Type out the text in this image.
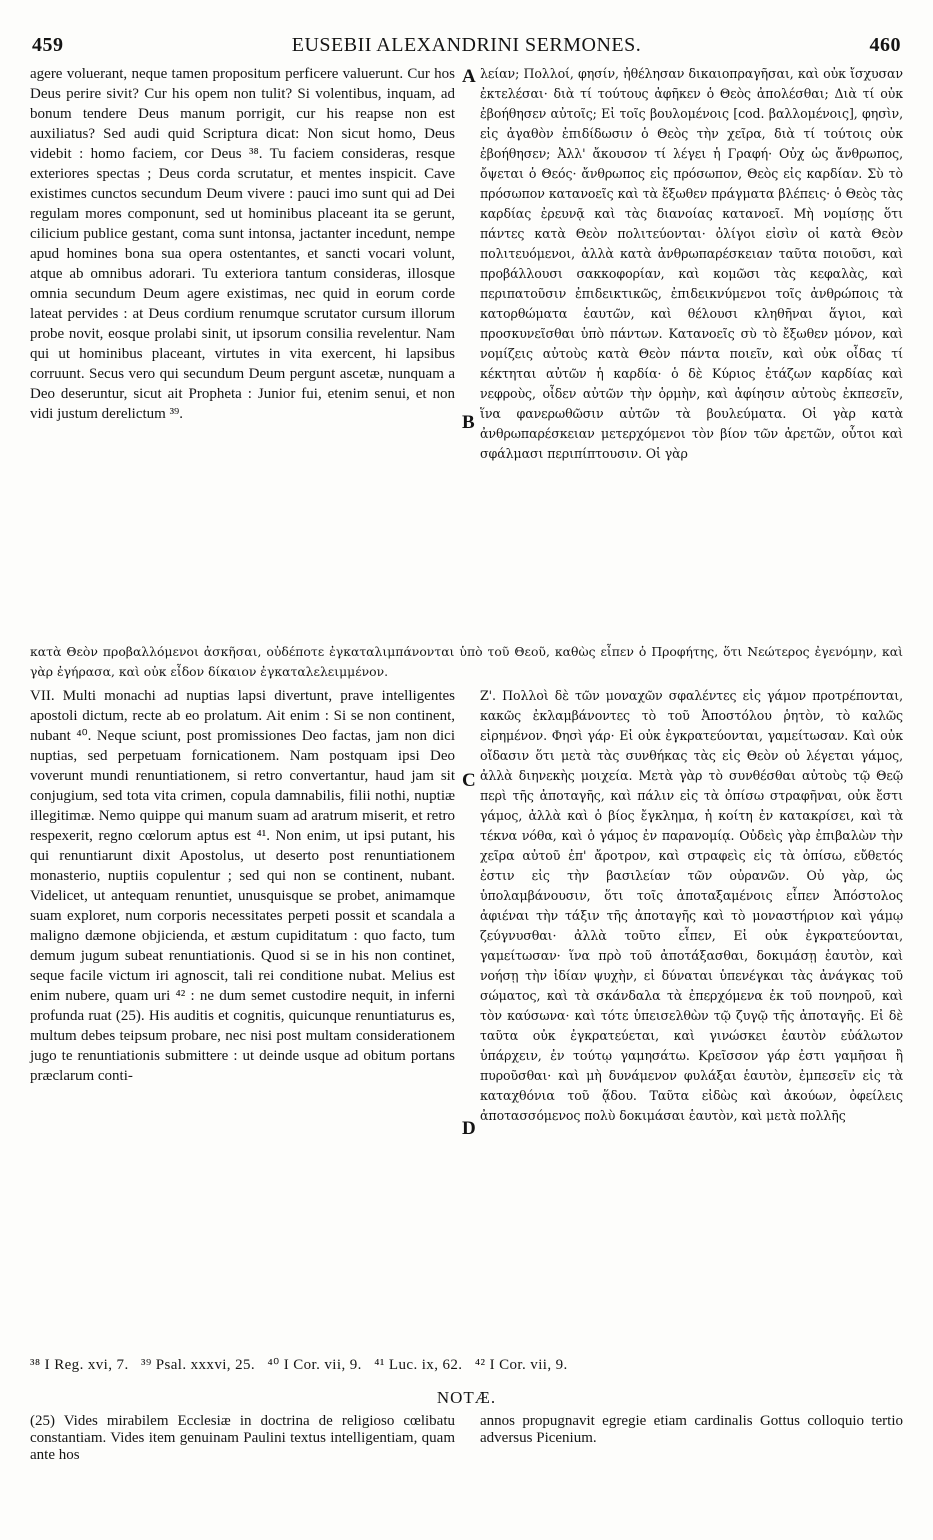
459	EUSEBII ALEXANDRINI SERMONES.	460
A
B
C
D

agere voluerant, neque tamen propositum perficere valuerunt. Cur hos Deus perire sivit? Cur his opem non tulit? Si volentibus, inquam, ad bonum tendere Deus manum porrigit, cur his reapse non est auxiliatus? Sed audi quid Scriptura dicat: Non sicut homo, Deus videbit : homo faciem, cor Deus ³⁸. Tu faciem consideras, resque exteriores spectas ; Deus corda scrutatur, et mentes inspicit. Cave existimes cunctos secundum Deum vivere : pauci imo sunt qui ad Dei regulam mores componunt, sed ut hominibus placeant ita se gerunt, cilicium publice gestant, coma sunt intonsa, jactanter incedunt, nempe apud homines bona sua opera ostentantes, et sancti vocari volunt, atque ab omnibus adorari. Tu exteriora tantum consideras, illosque omnia secundum Deum agere existimas, nec quid in eorum corde lateat pervides : at Deus cordium renumque scrutator cursum illorum probe novit, eosque prolabi sinit, ut ipsorum consilia revelentur. Nam qui ut hominibus placeant, virtutes in vita exercent, hi lapsibus corruunt. Secus vero qui secundum Deum pergunt ascetæ, nunquam a Deo deseruntur, sicut ait Propheta : Junior fui, etenim senui, et non vidi justum derelictum ³⁹.

λείαν; Πολλοί, φησίν, ἠθέλησαν δικαιοπραγῆσαι, καὶ οὐκ ἴσχυσαν ἐκτελέσαι· διὰ τί τούτους ἀφῆκεν ὁ Θεὸς ἀπολέσθαι; Διὰ τί οὐκ ἐβοήθησεν αὐτοῖς; Εἰ τοῖς βουλομένοις [cod. βαλλομένοις], φησὶν, εἰς ἀγαθὸν ἐπιδίδωσιν ὁ Θεὸς τὴν χεῖρα, διὰ τί τούτοις οὐκ ἐβοήθησεν; Ἀλλ' ἄκουσον τί λέγει ἡ Γραφή· Οὐχ ὡς ἄνθρωπος, ὄψεται ὁ Θεός· ἄνθρωπος εἰς πρόσωπον, Θεὸς εἰς καρδίαν. Σὺ τὸ πρόσωπον κατανοεῖς καὶ τὰ ἔξωθεν πράγματα βλέπεις· ὁ Θεὸς τὰς καρδίας ἐρευνᾷ καὶ τὰς διανοίας κατανοεῖ. Μὴ νομίσῃς ὅτι πάντες κατὰ Θεὸν πολιτεύονται· ὀλίγοι εἰσὶν οἱ κατὰ Θεὸν πολιτευόμενοι, ἀλλὰ κατὰ ἀνθρωπαρέσκειαν ταῦτα ποιοῦσι, καὶ προβάλλουσι σακκοφορίαν, καὶ κομῶσι τὰς κεφαλὰς, καὶ περιπατοῦσιν ἐπιδεικτικῶς, ἐπιδεικνύμενοι τοῖς ἀνθρώποις τὰ κατορθώματα ἑαυτῶν, καὶ θέλουσι κληθῆναι ἅγιοι, καὶ προσκυνεῖσθαι ὑπὸ πάντων. Κατανοεῖς σὺ τὸ ἔξωθεν μόνον, καὶ νομίζεις αὐτοὺς κατὰ Θεὸν πάντα ποιεῖν, καὶ οὐκ οἶδας τί κέκτηται αὐτῶν ἡ καρδία· ὁ δὲ Κύριος ἐτάζων καρδίας καὶ νεφροὺς, οἶδεν αὐτῶν τὴν ὁρμὴν, καὶ ἀφίησιν αὐτοὺς ἐκπεσεῖν, ἵνα φανερωθῶσιν αὐτῶν τὰ βουλεύματα. Οἱ γὰρ κατὰ ἀνθρωπαρέσκειαν μετερχόμενοι τὸν βίον τῶν ἀρετῶν, οὗτοι καὶ σφάλμασι περιπίπτουσιν. Οἱ γὰρ

κατὰ Θεὸν προβαλλόμενοι ἀσκῆσαι, οὐδέποτε ἐγκαταλιμπάνονται ὑπὸ τοῦ Θεοῦ, καθὼς εἶπεν ὁ Προφήτης, ὅτι Νεώτερος ἐγενόμην, καὶ γὰρ ἐγήρασα, καὶ οὐκ εἶδον δίκαιον ἐγκαταλελειμμένον.

VII. Multi monachi ad nuptias lapsi divertunt, prave intelligentes apostoli dictum, recte ab eo prolatum. Ait enim : Si se non continent, nubant ⁴⁰. Neque sciunt, post promissiones Deo factas, jam non dici nuptias, sed perpetuam fornicationem. Nam postquam ipsi Deo voverunt mundi renuntiationem, si retro convertantur, haud jam sit conjugium, sed tota vita crimen, copula damnabilis, filii nothi, nuptiæ illegitimæ. Nemo quippe qui manum suam ad aratrum miserit, et retro respexerit, regno cœlorum aptus est ⁴¹. Non enim, ut ipsi putant, his qui renuntiarunt dixit Apostolus, ut deserto post renuntiationem monasterio, nuptiis copulentur ; sed qui non se continent, nubant. Videlicet, ut antequam renuntiet, unusquisque se probet, animamque suam exploret, num corporis necessitates perpeti possit et scandala a maligno dæmone objicienda, et æstum cupiditatum : quo facto, tum demum jugum subeat renuntiationis. Quod si se in his non continet, seque facile victum iri agnoscit, tali rei conditione nubat. Melius est enim nubere, quam uri ⁴² : ne dum semet custodire nequit, in inferni profunda ruat (25). His auditis et cognitis, quicunque renuntiaturus es, multum debes teipsum probare, nec nisi post multam considerationem jugo te renuntiationis submittere : ut deinde usque ad obitum portans præclarum conti-

Ζ'. Πολλοὶ δὲ τῶν μοναχῶν σφαλέντες εἰς γάμον προτρέπονται, κακῶς ἐκλαμβάνοντες τὸ τοῦ Ἀποστόλου ῥητὸν, τὸ καλῶς εἰρημένον. Φησὶ γάρ· Εἰ οὐκ ἐγκρατεύονται, γαμείτωσαν. Καὶ οὐκ οἴδασιν ὅτι μετὰ τὰς συνθήκας τὰς εἰς Θεὸν οὐ λέγεται γάμος, ἀλλὰ διηνεκὴς μοιχεία. Μετὰ γὰρ τὸ συνθέσθαι αὐτοὺς τῷ Θεῷ περὶ τῆς ἀποταγῆς, καὶ πάλιν εἰς τὰ ὀπίσω στραφῆναι, οὐκ ἔστι γάμος, ἀλλὰ καὶ ὁ βίος ἔγκλημα, ἡ κοίτη ἐν κατακρίσει, καὶ τὰ τέκνα νόθα, καὶ ὁ γάμος ἐν παρανομίᾳ. Οὐδεὶς γὰρ ἐπιβαλὼν τὴν χεῖρα αὐτοῦ ἐπ' ἄροτρον, καὶ στραφεὶς εἰς τὰ ὀπίσω, εὔθετός ἐστιν εἰς τὴν βασιλείαν τῶν οὐρανῶν. Οὐ γὰρ, ὡς ὑπολαμβάνουσιν, ὅτι τοῖς ἀποταξαμένοις εἶπεν Ἀπόστολος ἀφιέναι τὴν τάξιν τῆς ἀποταγῆς καὶ τὸ μοναστήριον καὶ γάμῳ ζεύγνυσθαι· ἀλλὰ τοῦτο εἶπεν, Εἰ οὐκ ἐγκρατεύονται, γαμείτωσαν· ἵνα πρὸ τοῦ ἀποτάξασθαι, δοκιμάσῃ ἑαυτὸν, καὶ νοήσῃ τὴν ἰδίαν ψυχὴν, εἰ δύναται ὑπενέγκαι τὰς ἀνάγκας τοῦ σώματος, καὶ τὰ σκάνδαλα τὰ ἐπερχόμενα ἐκ τοῦ πονηροῦ, καὶ τὸν καύσωνα· καὶ τότε ὑπεισελθὼν τῷ ζυγῷ τῆς ἀποταγῆς. Εἰ δὲ ταῦτα οὐκ ἐγκρατεύεται, καὶ γινώσκει ἑαυτὸν εὐάλωτον ὑπάρχειν, ἐν τούτῳ γαμησάτω. Κρεῖσσον γάρ ἐστι γαμῆσαι ἢ πυροῦσθαι· καὶ μὴ δυνάμενον φυλάξαι ἑαυτὸν, ἐμπεσεῖν εἰς τὰ καταχθόνια τοῦ ᾅδου. Ταῦτα εἰδὼς καὶ ἀκούων, ὀφείλεις ἀποτασσόμενος πολὺ δοκιμάσαι ἑαυτὸν, καὶ μετὰ πολλῆς

³⁸ I Reg. xvi, 7.   ³⁹ Psal. xxxvi, 25.   ⁴⁰ I Cor. vii, 9.   ⁴¹ Luc. ix, 62.   ⁴² I Cor. vii, 9.
NOTÆ.

(25) Vides mirabilem Ecclesiæ in doctrina de religioso cœlibatu constantiam. Vides item genuinam Paulini textus intelligentiam, quam ante hos

annos propugnavit egregie etiam cardinalis Gottus colloquio tertio adversus Picenium.
